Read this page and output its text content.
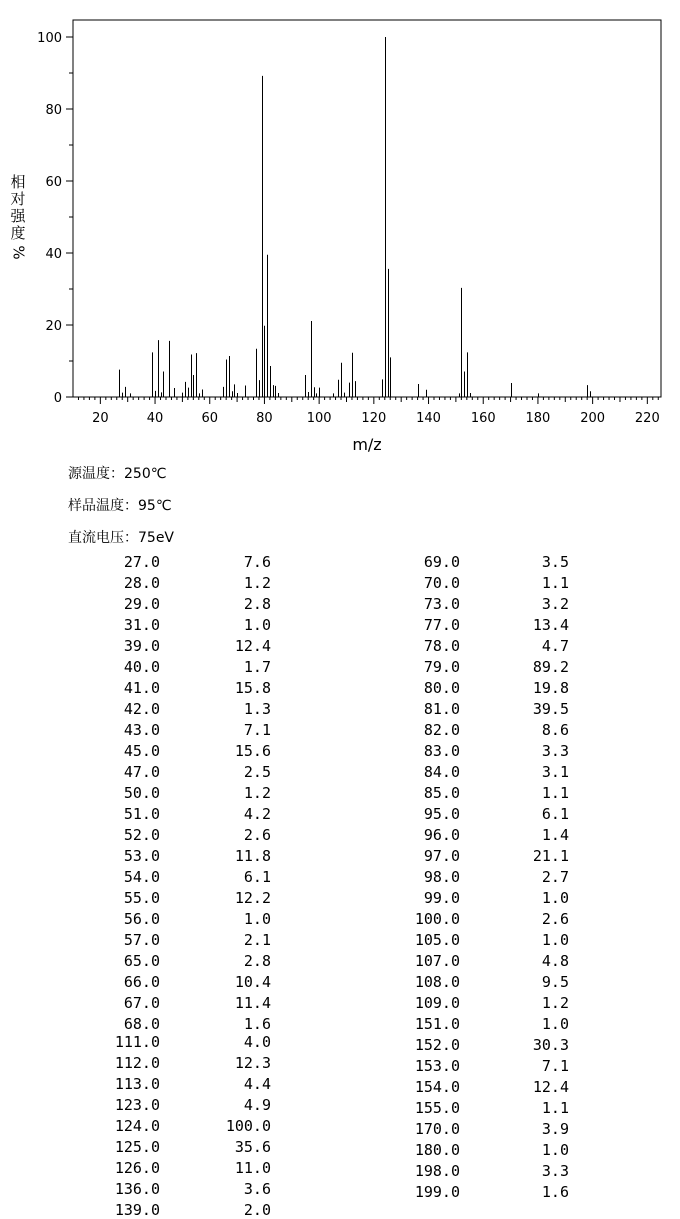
0
20
40
60
80
100
20	40	60	80	100 120 140 160 180 200 220
m/z
相
对
强
度
%
源温度：250℃
样品温度：95℃
直流电压：75eV
27.0	7.6
28.0	1.2
29.0	2.8
31.0	1.0
39.0	12.4
40.0	1.7
41.0	15.8
42.0	1.3
43.0	7.1
45.0	15.6
47.0	2.5
50.0	1.2
51.0	4.2
52.0	2.6
53.0	11.8
54.0	6.1
55.0	12.2
56.0	1.0
57.0	2.1
65.0	2.8
66.0	10.4
67.0	11.4
68.0	1.6
111.0	4.0
112.0	12.3
113.0	4.4
123.0	4.9
124.0	100.0
125.0	35.6
126.0	11.0
136.0	3.6
139.0	2.0
69.0	3.5
70.0	1.1
73.0	3.2
77.0	13.4
78.0	4.7
79.0	89.2
80.0	19.8
81.0	39.5
82.0	8.6
83.0	3.3
84.0	3.1
85.0	1.1
95.0	6.1
96.0	1.4
97.0	21.1
98.0	2.7
99.0	1.0
100.0	2.6
105.0	1.0
107.0	4.8
108.0	9.5
109.0	1.2
151.0	1.0
152.0	30.3
153.0	7.1
154.0	12.4
155.0	1.1
170.0	3.9
180.0	1.0
198.0	3.3
199.0	1.6
